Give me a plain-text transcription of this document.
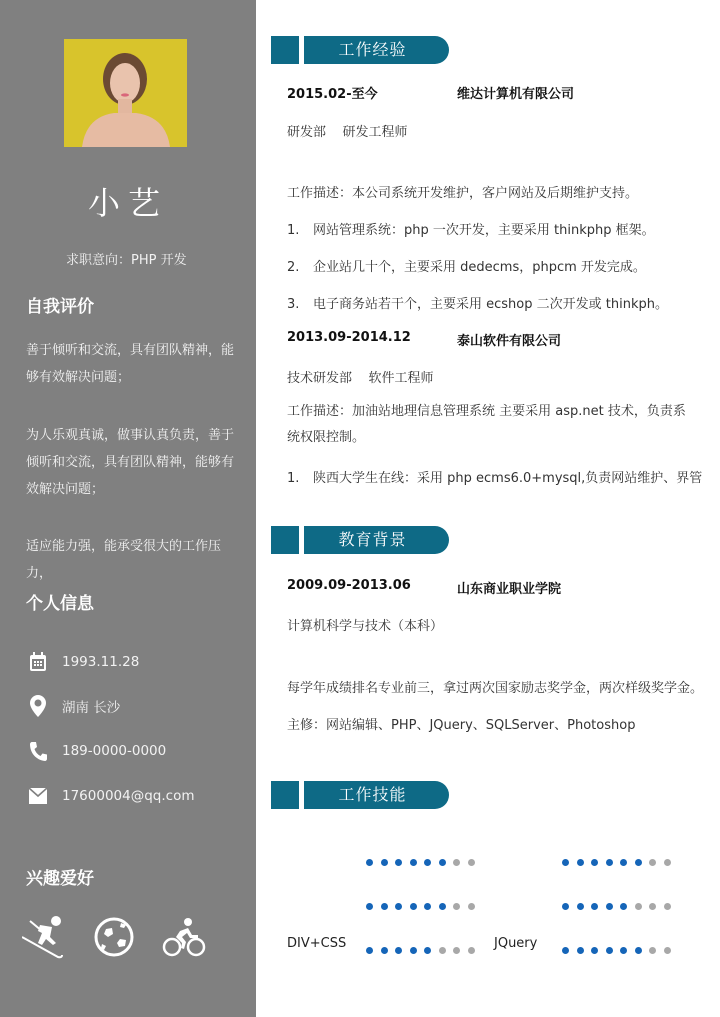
小艺
求职意向：PHP 开发
自我评价
善于倾听和交流，具有团队精神，能够有效解决问题；
为人乐观真诚，做事认真负责，善于倾听和交流，具有团队精神，能够有效解决问题；
适应能力强，能承受很大的工作压力，
个人信息
1993.11.28
湖南 长沙
189-0000-0000
17600004@qq.com
兴趣爱好
工作经验
2015.02-至今	维达计算机有限公司
研发部    研发工程师
工作描述：本公司系统开发维护，客户网站及后期维护支持。
1. 网站管理系统：php 一次开发，主要采用 thinkphp 框架。
2. 企业站几十个，主要采用 dedecms，phpcm 开发完成。
3. 电子商务站若干个，主要采用 ecshop 二次开发或 thinkph。
2013.09-2014.12	泰山软件有限公司
技术研发部    软件工程师
工作描述：加油站地理信息管理系统 主要采用 asp.net 技术，负责系统权限控制。
1. 陕西大学生在线：采用 php ecms6.0+mysql,负责网站维护、界管
教育背景
2009.09-2013.06	山东商业职业学院
计算机科学与技术（本科）
每学年成绩排名专业前三，拿过两次国家励志奖学金，两次样级奖学金。
主修：网站编辑、PHP、JQuery、SQLServer、Photoshop
工作技能
DIV+CSS	JQuery
